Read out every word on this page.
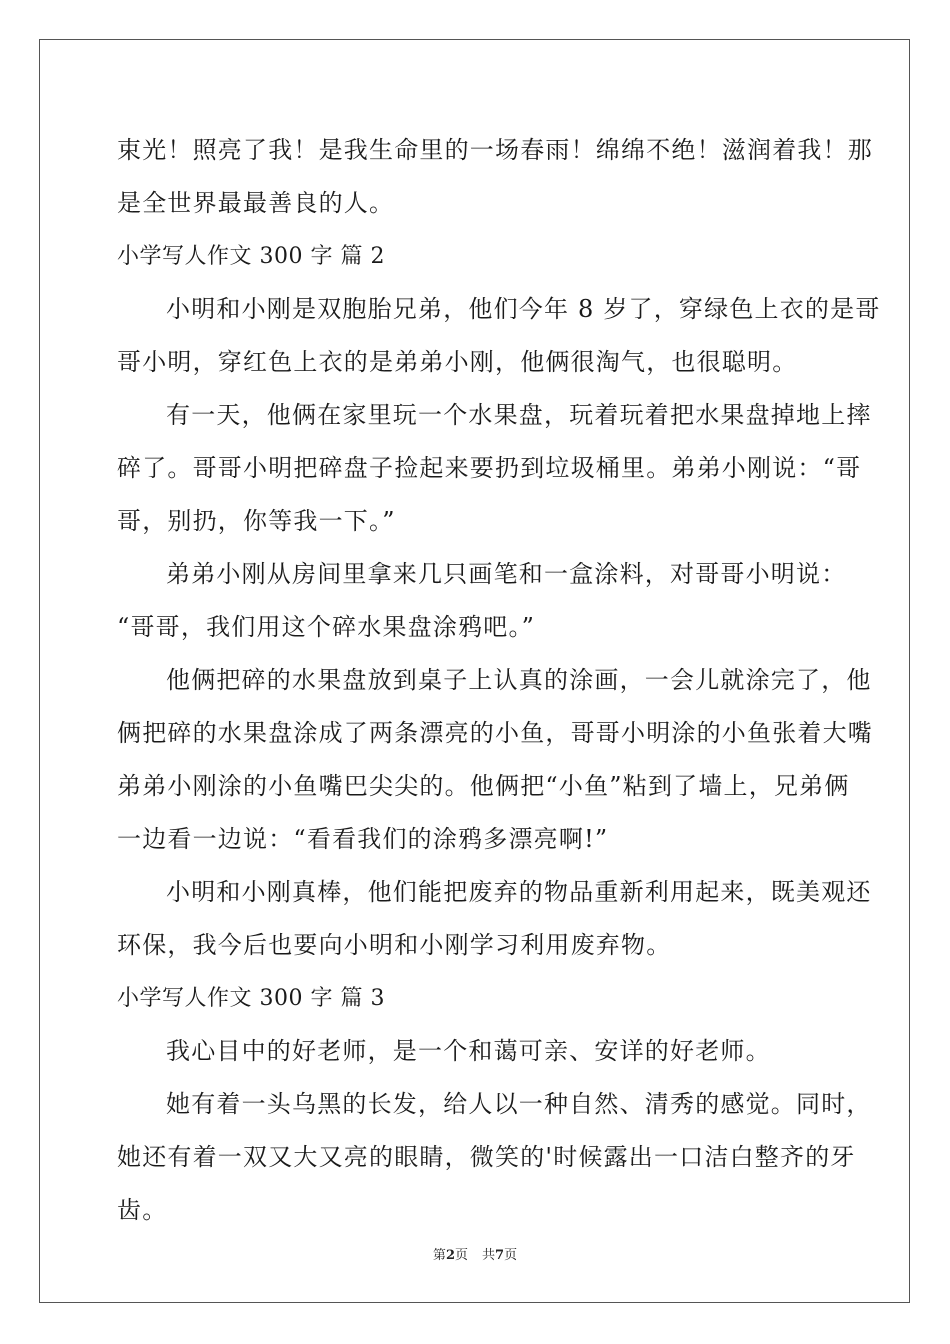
束光！照亮了我！是我生命里的一场春雨！绵绵不绝！滋润着我！那
是全世界最最善良的人。
小学写人作文 300 字 篇 2
小明和小刚是双胞胎兄弟，他们今年 8 岁了，穿绿色上衣的是哥
哥小明，穿红色上衣的是弟弟小刚，他俩很淘气，也很聪明。
有一天，他俩在家里玩一个水果盘，玩着玩着把水果盘掉地上摔
碎了。哥哥小明把碎盘子捡起来要扔到垃圾桶里。弟弟小刚说：“哥
哥，别扔，你等我一下。”
弟弟小刚从房间里拿来几只画笔和一盒涂料，对哥哥小明说：
“哥哥，我们用这个碎水果盘涂鸦吧。”
他俩把碎的水果盘放到桌子上认真的涂画，一会儿就涂完了，他
俩把碎的水果盘涂成了两条漂亮的小鱼，哥哥小明涂的小鱼张着大嘴
弟弟小刚涂的小鱼嘴巴尖尖的。他俩把“小鱼”粘到了墙上，兄弟俩
一边看一边说：“看看我们的涂鸦多漂亮啊!”
小明和小刚真棒，他们能把废弃的物品重新利用起来，既美观还
环保，我今后也要向小明和小刚学习利用废弃物。
小学写人作文 300 字 篇 3
我心目中的好老师，是一个和蔼可亲、安详的好老师。
她有着一头乌黑的长发，给人以一种自然、清秀的感觉。同时，
她还有着一双又大又亮的眼睛，微笑的'时候露出一口洁白整齐的牙
齿。
第2页 共7页
